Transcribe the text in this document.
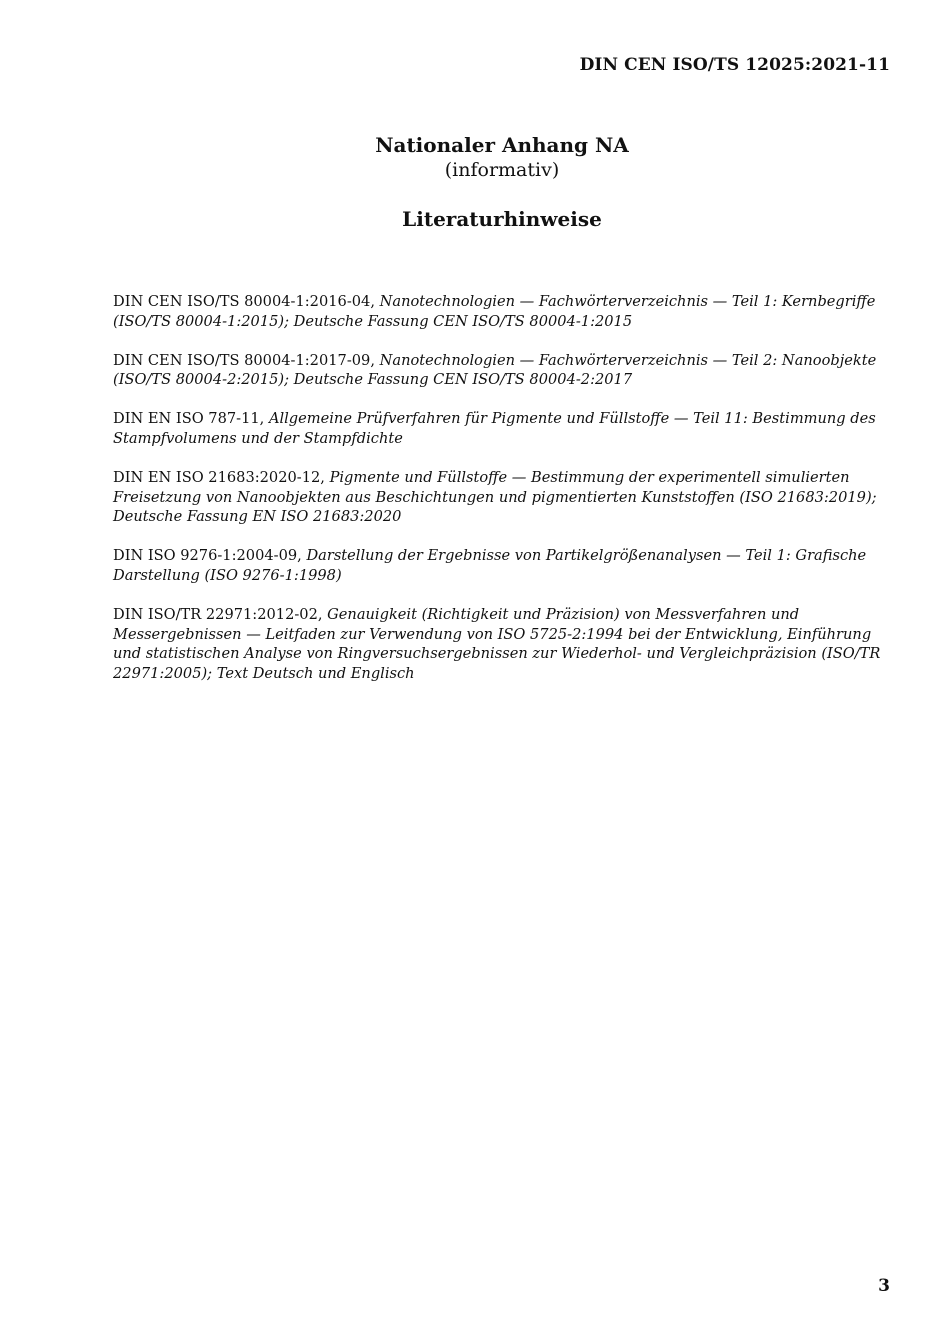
DIN CEN ISO/TS 12025:2021-11
Nationaler Anhang NA
(informativ)
Literaturhinweise

DIN CEN ISO/TS 80004-1:2016-04, Nanotechnologien — Fachwörterverzeichnis — Teil 1: Kernbegriffe (ISO/TS 80004-1:2015); Deutsche Fassung CEN ISO/TS 80004-1:2015

DIN CEN ISO/TS 80004-1:2017-09, Nanotechnologien — Fachwörterverzeichnis — Teil 2: Nanoobjekte (ISO/TS 80004-2:2015); Deutsche Fassung CEN ISO/TS 80004-2:2017

DIN EN ISO 787-11, Allgemeine Prüfverfahren für Pigmente und Füllstoffe — Teil 11: Bestimmung des Stampfvolumens und der Stampfdichte

DIN EN ISO 21683:2020-12, Pigmente und Füllstoffe — Bestimmung der experimentell simulierten Freisetzung von Nanoobjekten aus Beschichtungen und pigmentierten Kunststoffen (ISO 21683:2019); Deutsche Fassung EN ISO 21683:2020

DIN ISO 9276-1:2004-09, Darstellung der Ergebnisse von Partikelgrößenanalysen — Teil 1: Grafische Darstellung (ISO 9276-1:1998)

DIN ISO/TR 22971:2012-02, Genauigkeit (Richtigkeit und Präzision) von Messverfahren und Messergebnissen — Leitfaden zur Verwendung von ISO 5725-2:1994 bei der Entwicklung, Einführung und statistischen Analyse von Ringversuchsergebnissen zur Wiederhol- und Vergleichpräzision (ISO/TR 22971:2005); Text Deutsch und Englisch

3
